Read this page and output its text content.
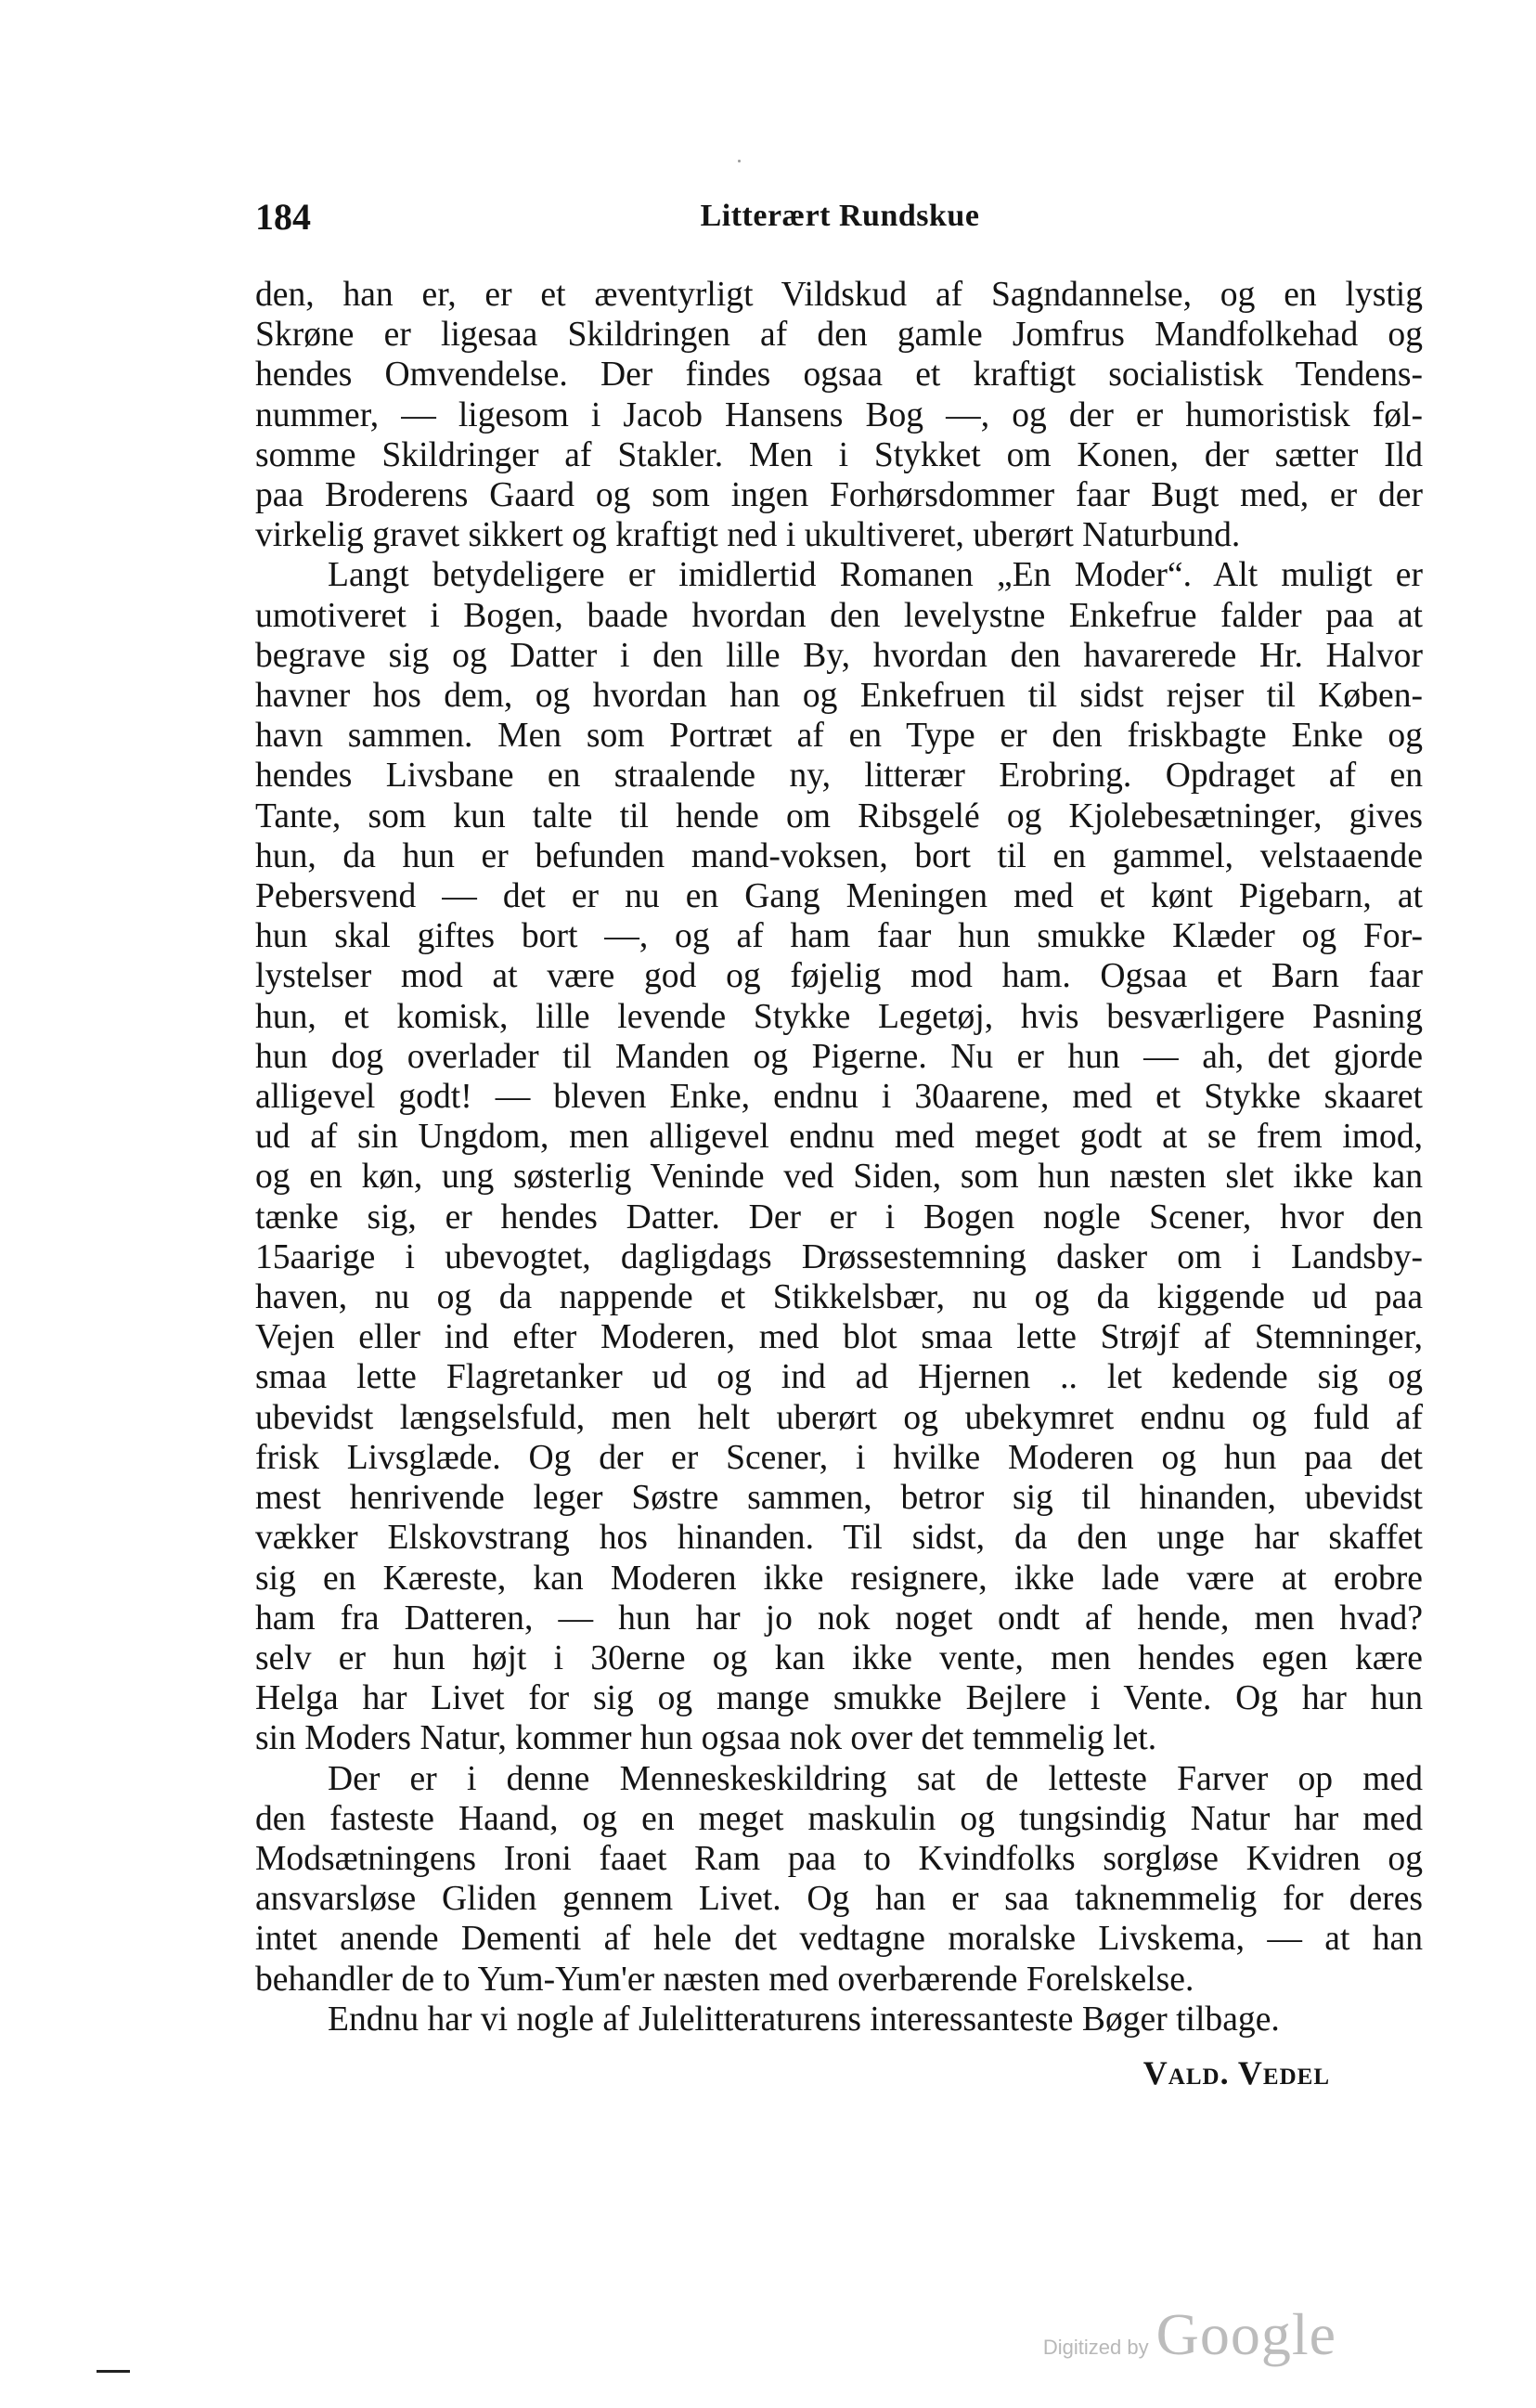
184	Litterært Rundskue

den, han er, er et æventyrligt Vildskud af Sagndannelse, og en lystig

Skrøne er ligesaa Skildringen af den gamle Jomfrus Mandfolkehad og

hendes Omvendelse. Der findes ogsaa et kraftigt socialistisk Tendens-

nummer, — ligesom i Jacob Hansens Bog —, og der er humoristisk føl-

somme Skildringer af Stakler. Men i Stykket om Konen, der sætter Ild

paa Broderens Gaard og som ingen Forhørsdommer faar Bugt med, er der

virkelig gravet sikkert og kraftigt ned i ukultiveret, uberørt Naturbund.

Langt betydeligere er imidlertid Romanen „En Moder“. Alt muligt er

umotiveret i Bogen, baade hvordan den levelystne Enkefrue falder paa at

begrave sig og Datter i den lille By, hvordan den havarerede Hr. Halvor

havner hos dem, og hvordan han og Enkefruen til sidst rejser til Køben-

havn sammen. Men som Portræt af en Type er den friskbagte Enke og

hendes Livsbane en straalende ny, litterær Erobring. Opdraget af en

Tante, som kun talte til hende om Ribsgelé og Kjolebesætninger, gives

hun, da hun er befunden mand-voksen, bort til en gammel, velstaaende

Pebersvend — det er nu en Gang Meningen med et kønt Pigebarn, at

hun skal giftes bort —, og af ham faar hun smukke Klæder og For-

lystelser mod at være god og føjelig mod ham. Ogsaa et Barn faar

hun, et komisk, lille levende Stykke Legetøj, hvis besværligere Pasning

hun dog overlader til Manden og Pigerne. Nu er hun — ah, det gjorde

alligevel godt! — bleven Enke, endnu i 30aarene, med et Stykke skaaret

ud af sin Ungdom, men alligevel endnu med meget godt at se frem imod,

og en køn, ung søsterlig Veninde ved Siden, som hun næsten slet ikke kan

tænke sig, er hendes Datter. Der er i Bogen nogle Scener, hvor den

15aarige i ubevogtet, dagligdags Drøssestemning dasker om i Landsby-

haven, nu og da nappende et Stikkelsbær, nu og da kiggende ud paa

Vejen eller ind efter Moderen, med blot smaa lette Strøjf af Stemninger,

smaa lette Flagretanker ud og ind ad Hjernen .. let kedende sig og

ubevidst længselsfuld, men helt uberørt og ubekymret endnu og fuld af

frisk Livsglæde. Og der er Scener, i hvilke Moderen og hun paa det

mest henrivende leger Søstre sammen, betror sig til hinanden, ubevidst

vækker Elskovstrang hos hinanden. Til sidst, da den unge har skaffet

sig en Kæreste, kan Moderen ikke resignere, ikke lade være at erobre

ham fra Datteren, — hun har jo nok noget ondt af hende, men hvad?

selv er hun højt i 30erne og kan ikke vente, men hendes egen kære

Helga har Livet for sig og mange smukke Bejlere i Vente. Og har hun

sin Moders Natur, kommer hun ogsaa nok over det temmelig let.

Der er i denne Menneskeskildring sat de letteste Farver op med

den fasteste Haand, og en meget maskulin og tungsindig Natur har med

Modsætningens Ironi faaet Ram paa to Kvindfolks sorgløse Kvidren og

ansvarsløse Gliden gennem Livet. Og han er saa taknemmelig for deres

intet anende Dementi af hele det vedtagne moralske Livskema, — at han

behandler de to Yum-Yum'er næsten med overbærende Forelskelse.

Endnu har vi nogle af Julelitteraturens interessanteste Bøger tilbage.

Vald. Vedel
Digitized by Google
